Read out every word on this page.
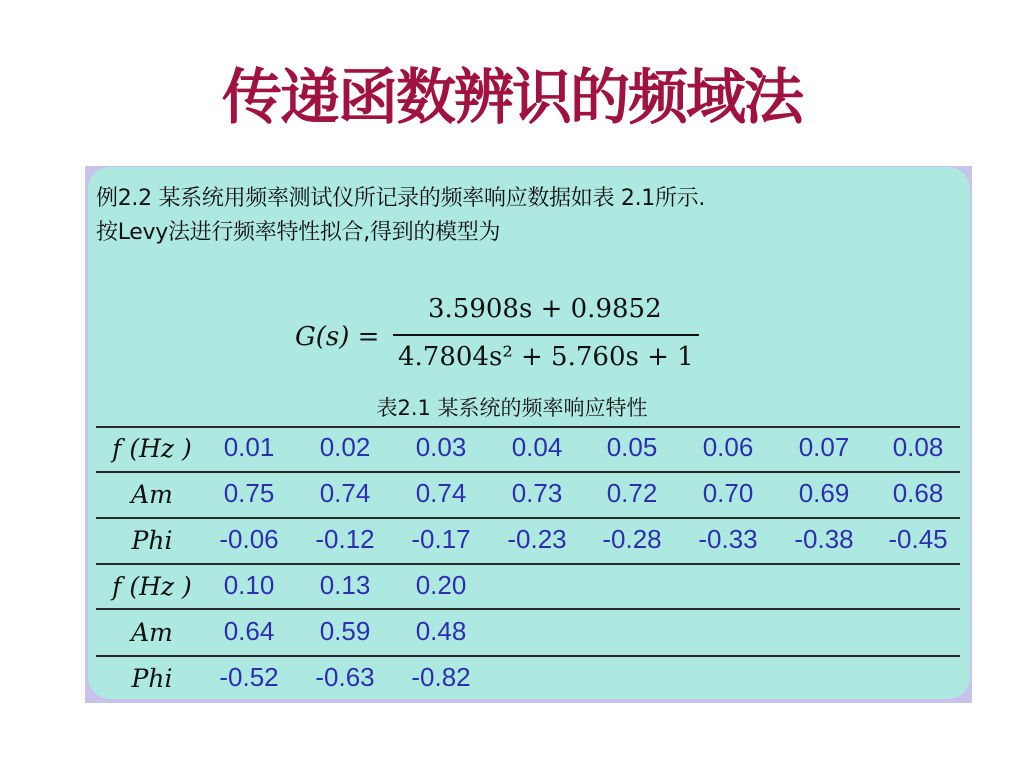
传递函数辨识的频域法
例2.2 某系统用频率测试仪所记录的频率响应数据如表 2.1所示.
按Levy法进行频率特性拟合,得到的模型为
G(s) =
3.5908s + 0.9852
4.7804s² + 5.760s + 1
表2.1 某系统的频率响应特性
f (Hz )	0.01	0.02	0.03	0.04	0.05	0.06	0.07	0.08
Am	0.75	0.74	0.74	0.73	0.72	0.70	0.69	0.68
Phi	-0.06	-0.12	-0.17	-0.23	-0.28	-0.33	-0.38	-0.45
f (Hz )	0.10	0.13	0.20
Am	0.64	0.59	0.48
Phi	-0.52	-0.63	-0.82
